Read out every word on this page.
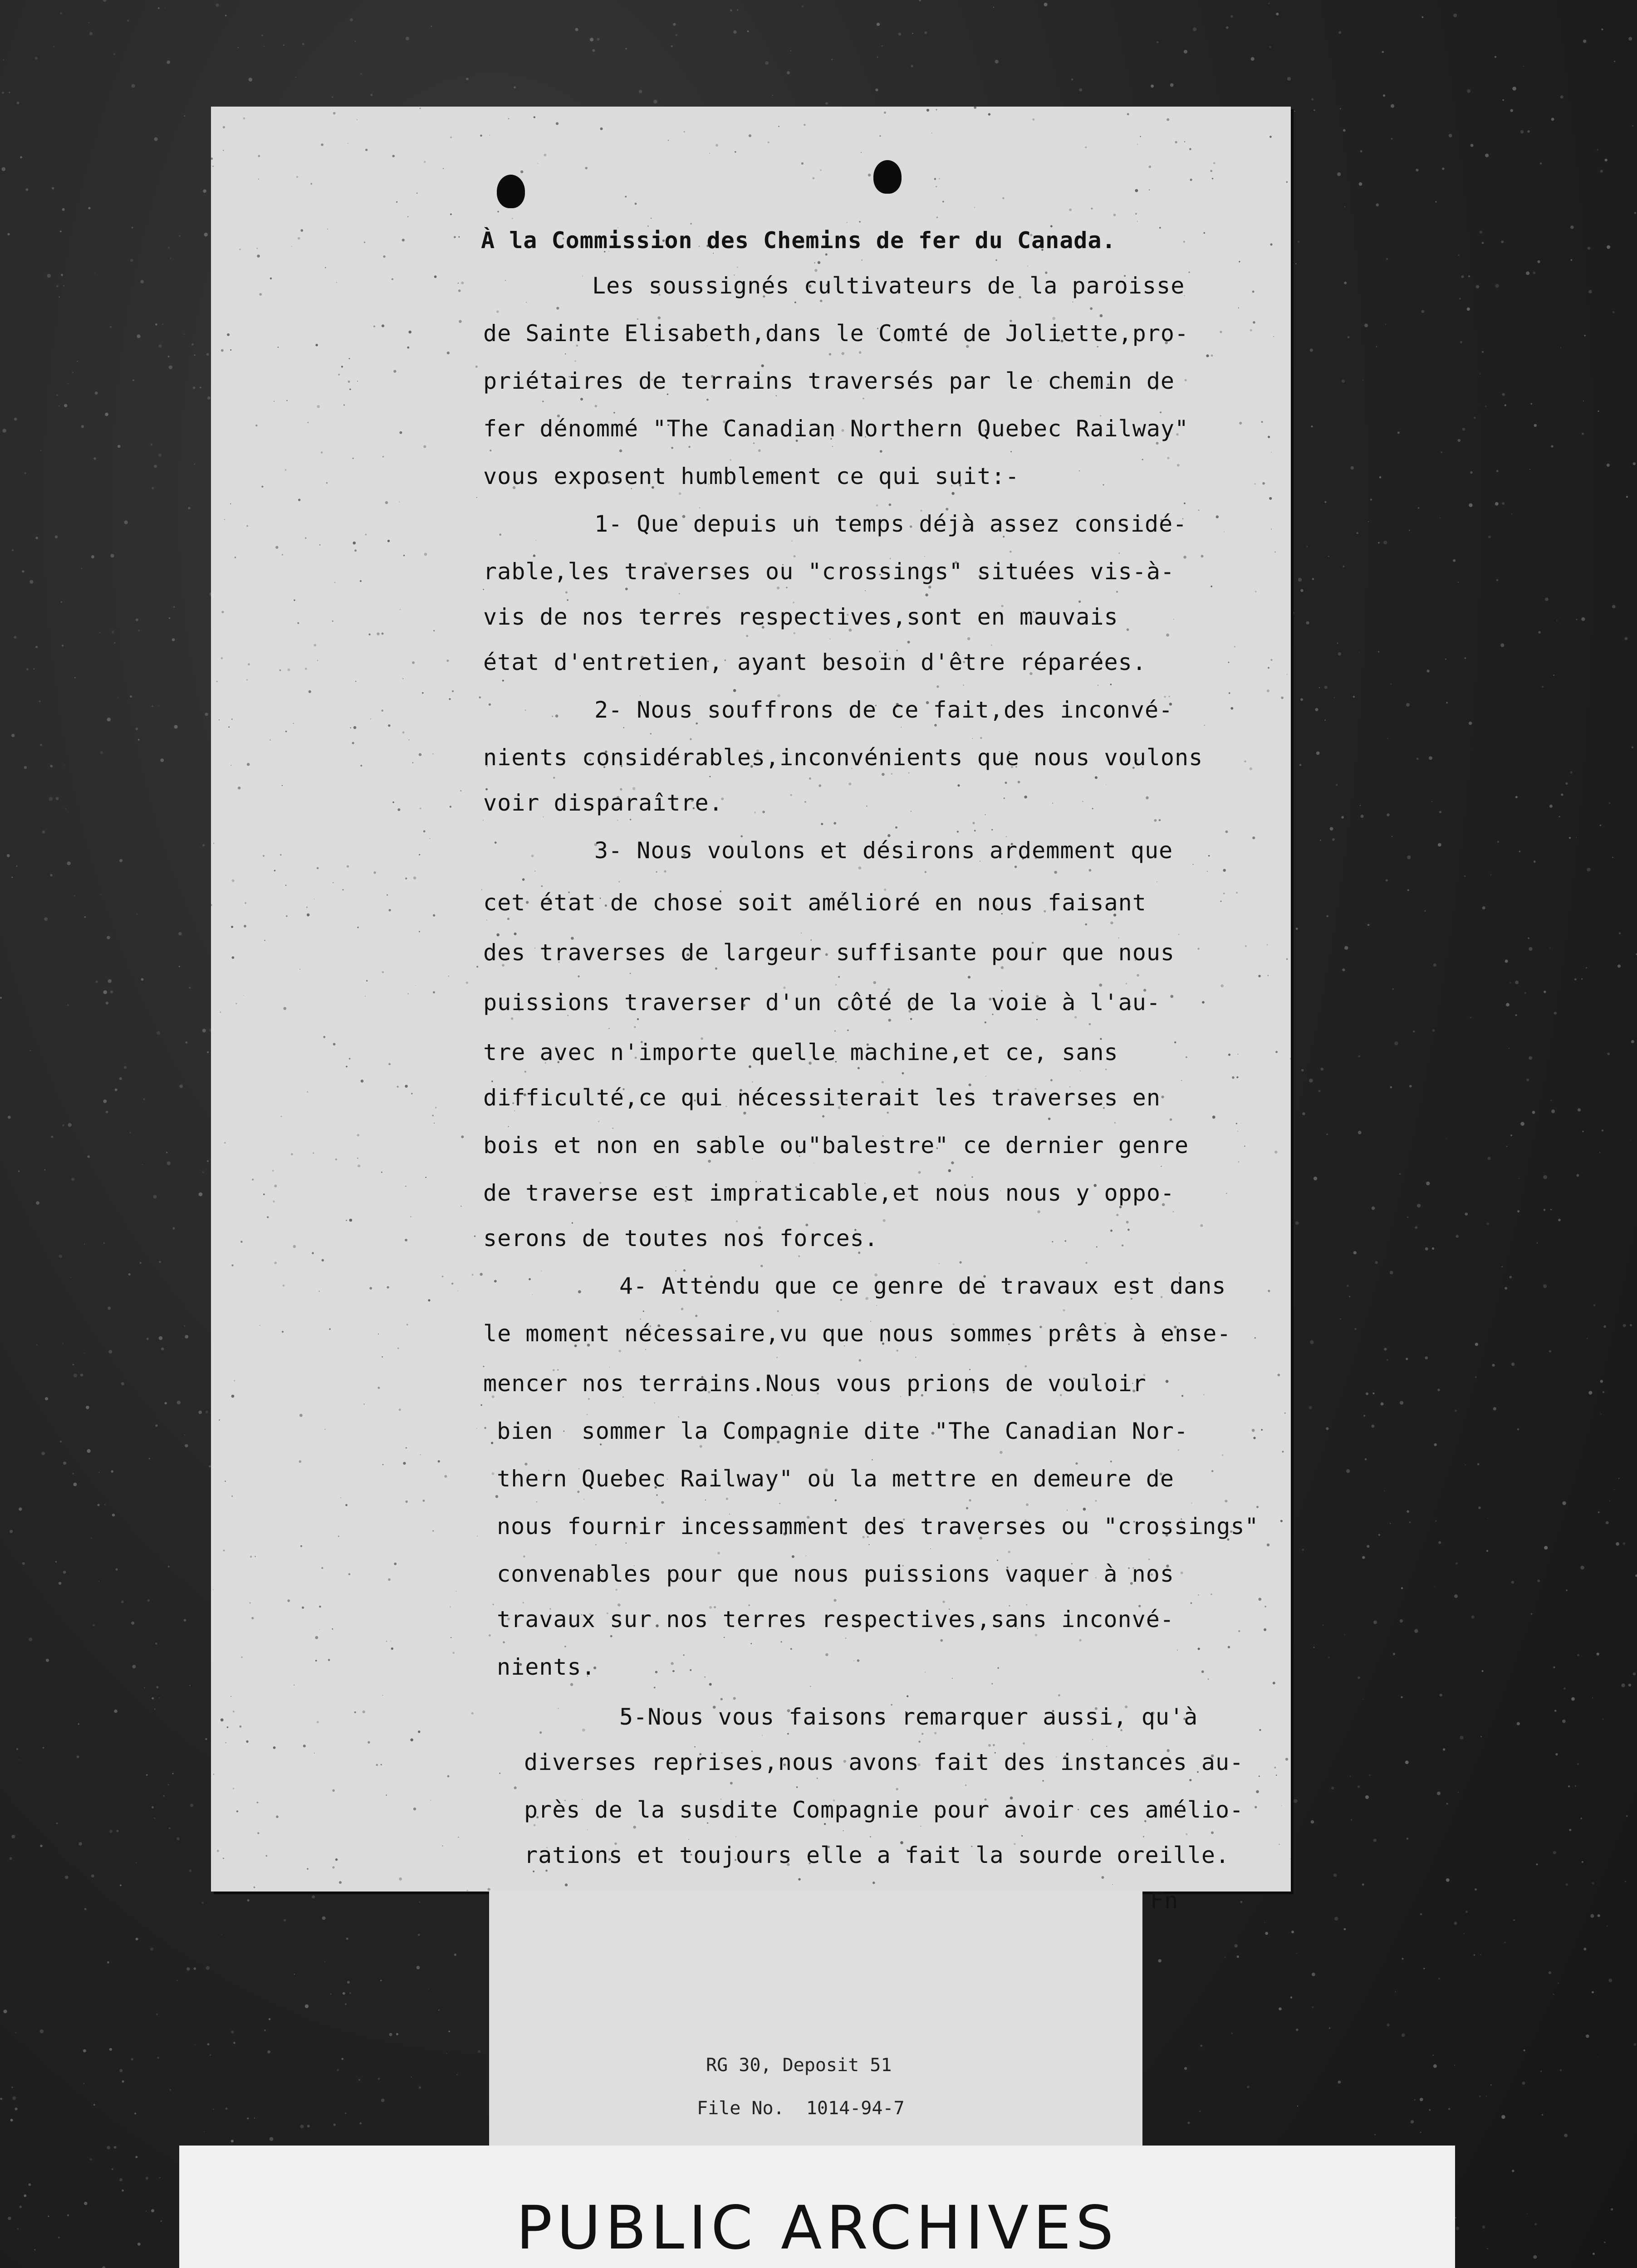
À la Commission des Chemins de fer du Canada.
Les soussignés cultivateurs de la paroisse
de Sainte Elisabeth,dans le Comté de Joliette,pro-
priétaires de terrains traversés par le chemin de
fer dénommé "The Canadian Northern Quebec Railway"
vous exposent humblement ce qui suit:-
1- Que depuis un temps déjà assez considé-
rable,les traverses ou "crossings" situées vis-à-
vis de nos terres respectives,sont en mauvais
état d'entretien, ayant besoin d'être réparées.
2- Nous souffrons de ce fait,des inconvé-
nients considérables,inconvénients que nous voulons
voir disparaître.
3- Nous voulons et désirons ardemment que
cet état de chose soit amélioré en nous faisant
des traverses de largeur suffisante pour que nous
puissions traverser d'un côté de la voie à l'au-
tre avec n'importe quelle machine,et ce, sans
difficulté,ce qui nécessiterait les traverses en
bois et non en sable ou"balestre" ce dernier genre
de traverse est impraticable,et nous nous y oppo-
serons de toutes nos forces.
4- Attendu que ce genre de travaux est dans
le moment nécessaire,vu que nous sommes prêts à ense-
mencer nos terrains.Nous vous prions de vouloir
bien  sommer la Compagnie dite "The Canadian Nor-
thern Quebec Railway" ou la mettre en demeure de
nous fournir incessamment des traverses ou "crossings"
convenables pour que nous puissions vaquer à nos
travaux sur nos terres respectives,sans inconvé-
nients.
5-Nous vous faisons remarquer aussi, qu'à
diverses reprises,nous avons fait des instances au-
près de la susdite Compagnie pour avoir ces amélio-
rations et toujours elle a fait la sourde oreille.
Fn
RG 30, Deposit 51
File No.  1014-94-7
PUBLIC ARCHIVES
